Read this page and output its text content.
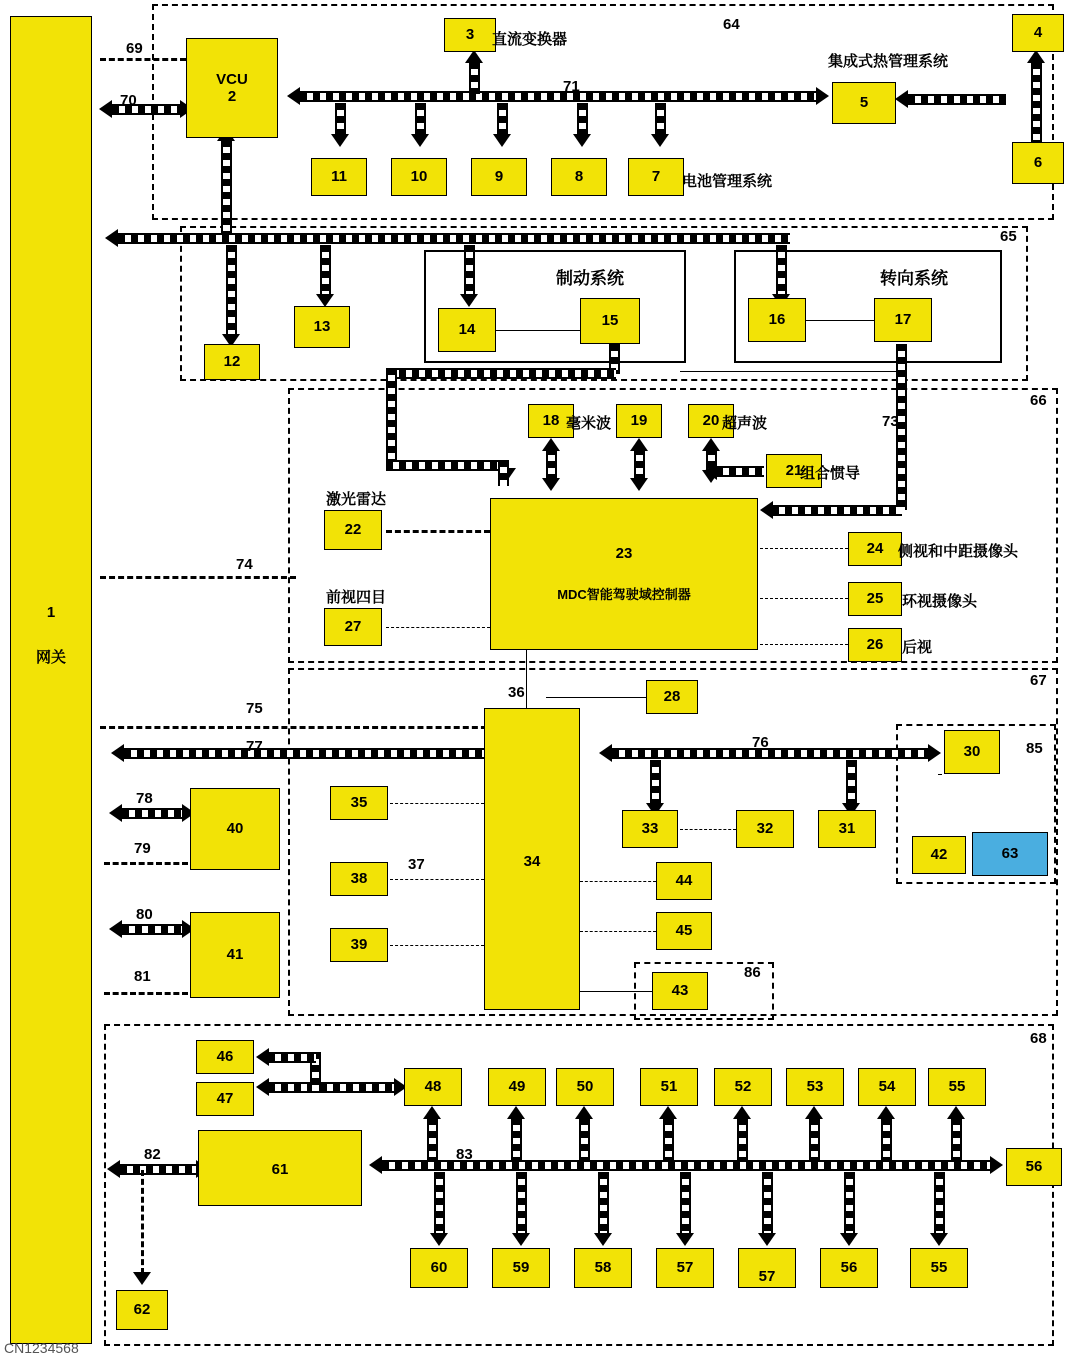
64
65
66
67
68
85
86
制动系统	转向系统
1
网关
69
70
71
73
74
75
77	76
78
79
80
81
82	83
VCU
2
3 直流变换器	4
5
集成式热管理系统
6
7 电池管理系统
8
9
10
11
12
13	14
15	16	17
18 毫米波 19	20 超声波
21
组合惯导
22
激光雷达
23
MDC智能驾驶域控制器
24 侧视和中距摄像头
25 环视摄像头
26 后视
27
前视四目
36	28
34
35
38
37
39
40
41
33	32	31
30
42	63
44
45
43
46
47
61
62
48	49	50	51	52	53	54	55
56
60	59	58	57
57
56	55
CN1234568
